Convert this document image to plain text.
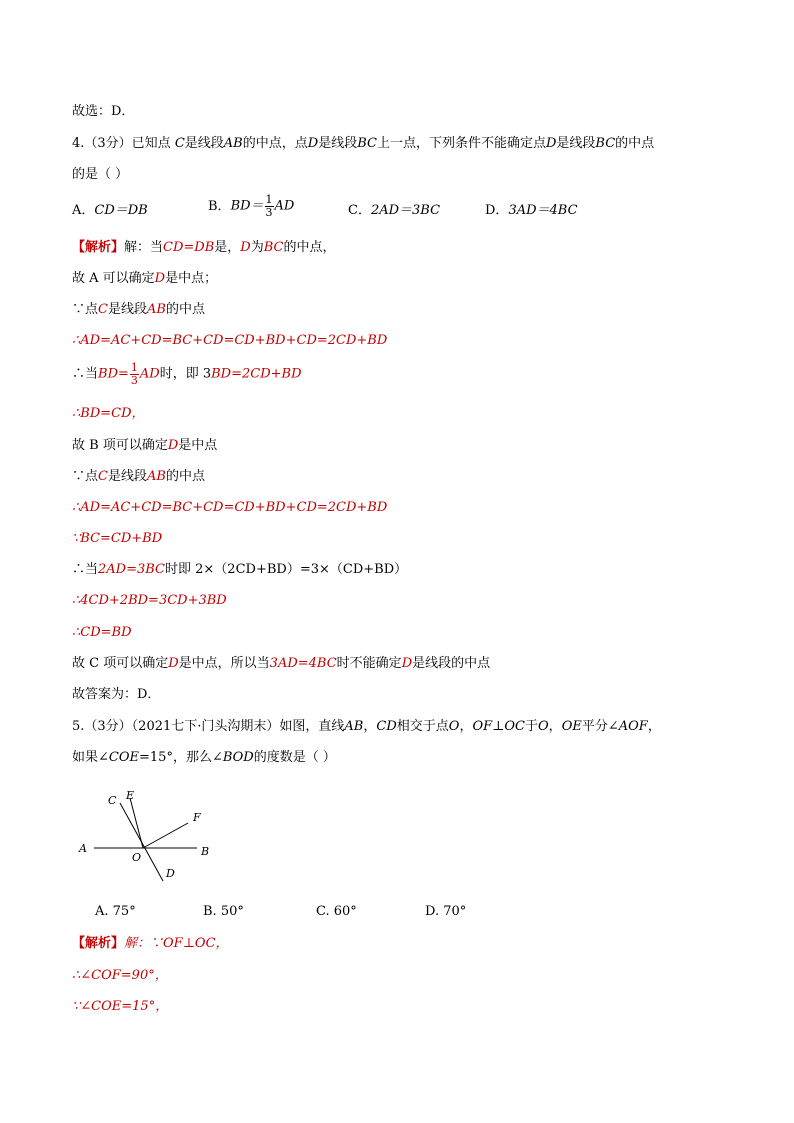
故选：D．
4.（3分）已知点 C是线段AB的中点，点D是线段BC上一点，下列条件不能确定点D是线段BC的中点
的是（ ）
A．CD＝DB	B．$BD= \frac{1}{3}$ AD	C．2AD＝3BC	D．3AD＝4BC
【解析】解：当CD=DB是，D为BC的中点，
故 A 可以确定D是中点；
∵点C是线段AB的中点
∴AD=AC+CD=BC+CD=CD+BD+CD=2CD+BD
∴当$BD= \frac{1}{3}$ AD时，即 3BD=2CD+BD
∴BD=CD，
故 B 项可以确定D是中点
∵点C是线段AB的中点
∴AD=AC+CD=BC+CD=CD+BD+CD=2CD+BD
∵BC=CD+BD
∴当2AD=3BC时即 2×（2CD+BD）=3×（CD+BD）
∴4CD+2BD=3CD+3BD
∴CD=BD
故 C 项可以确定D是中点，所以当3AD=4BC时不能确定D是线段的中点
故答案为：D．
5.（3分）（2021七下·门头沟期末）如图，直线AB，CD相交于点O，OF⊥OC于O，OE平分∠AOF，
如果∠COE=15°，那么∠BOD的度数是（ ）
A	B
C
D
E
F
O
A. 75°	B. 50°	C. 60°	D. 70°
【解析】解：∵OF⊥OC，
∴∠COF=90°，
∵∠COE=15°，
